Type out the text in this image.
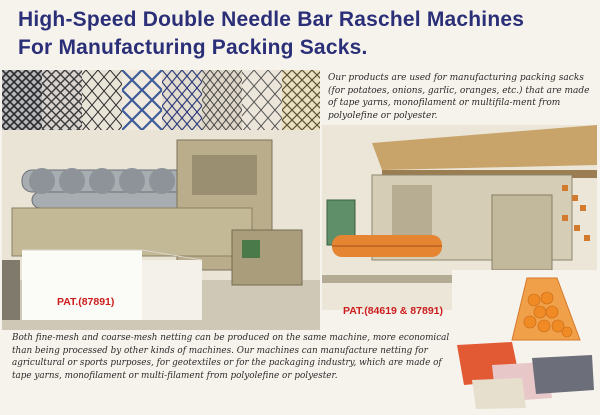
High-Speed Double Needle Bar Raschel Machines
For Manufacturing Packing Sacks.
Our products are used for manufacturing packing sacks (for potatoes, onions, garlic, oranges, etc.) that are made of tape yarns, monofilament or multifila-ment from polyolefine or polyester.
PAT.(87891)
PAT.(84619 & 87891)
Both fine-mesh and coarse-mesh netting can be produced on the same machine, more economical than being processed by other kinds of machines. Our machines can manufacture netting for agricultural or sports purposes, for geotextiles or for the packaging industry, which are made of tape yarns, monofilament or multi-filament from polyolefine or polyester.
